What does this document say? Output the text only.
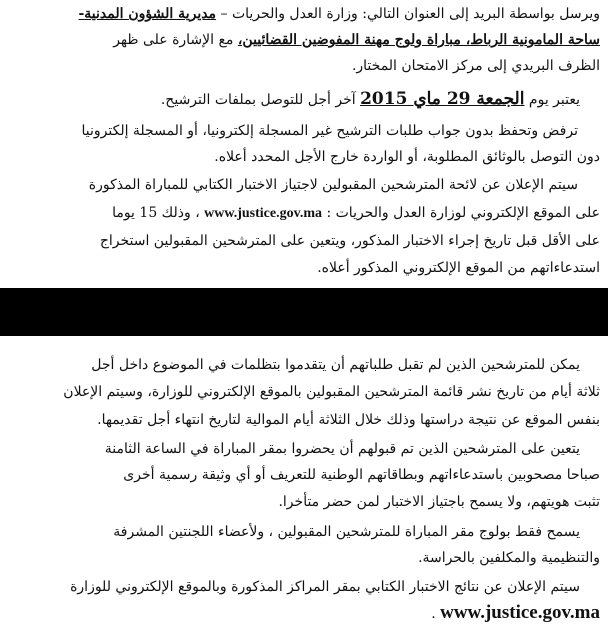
ويرسل بواسطة البريد إلى العنوان التالي: وزارة العدل والحريات – مديرية الشؤون المدنية-
ساحة المامونية الرباط، مباراة ولوج مهنة المفوضين القضائيين، مع الإشارة على ظهر
الظرف البريدي إلى مركز الامتحان المختار.
يعتبر يوم الجمعة 29 ماي 2015 آخر أجل للتوصل بملفات الترشيح.
ترفض وتحفظ بدون جواب طلبات الترشيح غير المسجلة إلكترونيا، أو المسجلة إلكترونيا
دون التوصل بالوثائق المطلوبة، أو الواردة خارج الأجل المحدد أعلاه.
سيتم الإعلان عن لائحة المترشحين المقبولين لاجتياز الاختبار الكتابي للمباراة المذكورة
على الموقع الإلكتروني لوزارة العدل والحريات : www.justice.gov.ma ، وذلك 15 يوما
على الأقل قبل تاريخ إجراء الاختبار المذكور، ويتعين على المترشحين المقبولين استخراج
استدعاءاتهم من الموقع الإلكتروني المذكور أعلاه.
يمكن للمترشحين الذين لم تقبل طلباتهم أن يتقدموا بتظلمات في الموضوع داخل أجل
ثلاثة أيام من تاريخ نشر قائمة المترشحين المقبولين بالموقع الإلكتروني للوزارة، وسيتم الإعلان
بنفس الموقع عن نتيجة دراستها وذلك خلال الثلاثة أيام الموالية لتاريخ انتهاء أجل تقديمها.
يتعين على المترشحين الذين تم قبولهم أن يحضروا بمقر المباراة في الساعة الثامنة
صباحا مصحوبين باستدعاءاتهم وبطاقاتهم الوطنية للتعريف أو أي وثيقة رسمية أخرى
تثبت هويتهم، ولا يسمح باجتياز الاختبار لمن حضر متأخرا.
يسمح فقط بولوج مقر المباراة للمترشحين المقبولين ، ولأعضاء اللجنتين المشرفة
والتنظيمية والمكلفين بالحراسة.
سيتم الإعلان عن نتائج الاختبار الكتابي بمقر المراكز المذكورة وبالموقع الإلكتروني للوزارة
www.justice.gov.ma .
